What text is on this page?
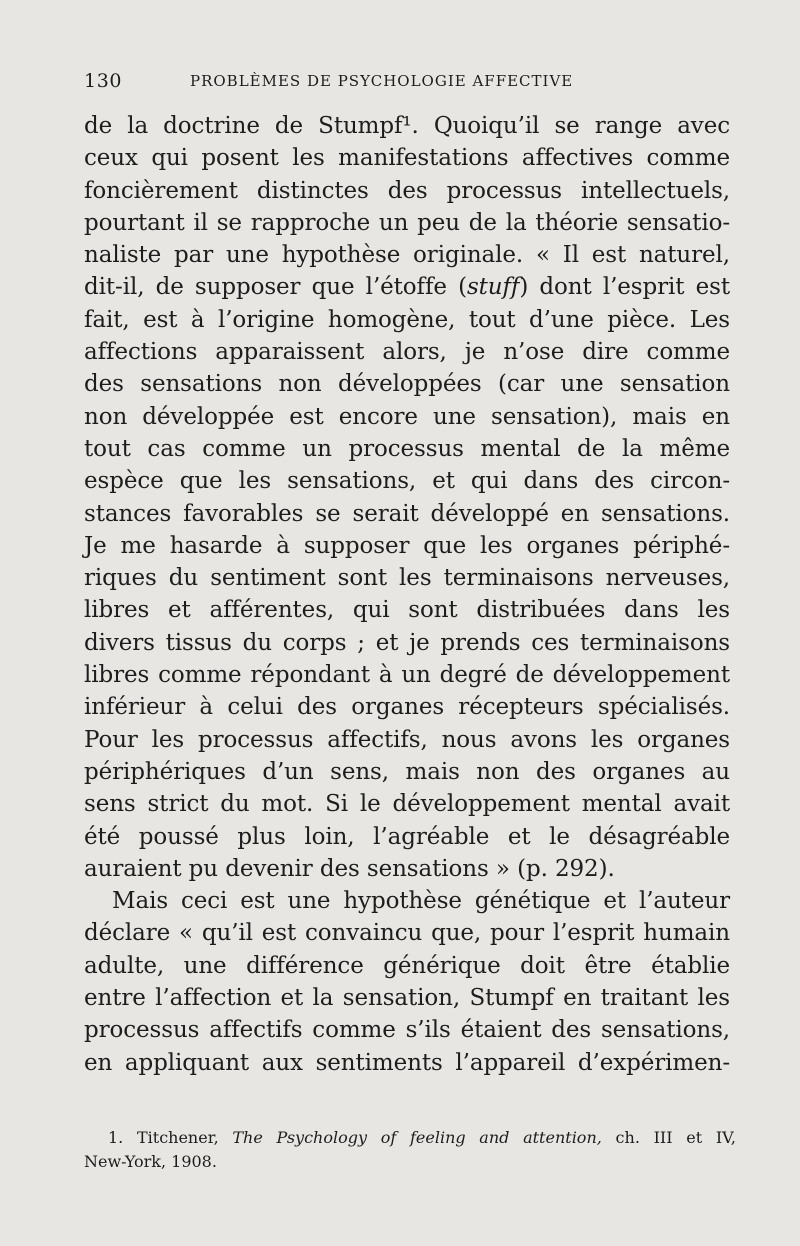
130	PROBLÈMES DE PSYCHOLOGIE AFFECTIVE
de la doctrine de Stumpf¹. Quoiqu’il se range avec
ceux qui posent les manifestations affectives comme
foncièrement distinctes des processus intellectuels,
pourtant il se rapproche un peu de la théorie sensatio-
naliste par une hypothèse originale. « Il est naturel,
dit-il, de supposer que l’étoffe (stuff) dont l’esprit est
fait, est à l’origine homogène, tout d’une pièce. Les
affections apparaissent alors, je n’ose dire comme
des sensations non développées (car une sensation
non développée est encore une sensation), mais en
tout cas comme un processus mental de la même
espèce que les sensations, et qui dans des circon-
stances favorables se serait développé en sensations.
Je me hasarde à supposer que les organes périphé-
riques du sentiment sont les terminaisons nerveuses,
libres et afférentes, qui sont distribuées dans les
divers tissus du corps ; et je prends ces terminaisons
libres comme répondant à un degré de développement
inférieur à celui des organes récepteurs spécialisés.
Pour les processus affectifs, nous avons les organes
périphériques d’un sens, mais non des organes au
sens strict du mot. Si le développement mental avait
été poussé plus loin, l’agréable et le désagréable
auraient pu devenir des sensations » (p. 292).
Mais ceci est une hypothèse génétique et l’auteur
déclare « qu’il est convaincu que, pour l’esprit humain
adulte, une différence générique doit être établie
entre l’affection et la sensation, Stumpf en traitant les
processus affectifs comme s’ils étaient des sensations,
en appliquant aux sentiments l’appareil d’expérimen-
1. Titchener, The Psychology of feeling and attention, ch. III et IV,
New-York, 1908.
